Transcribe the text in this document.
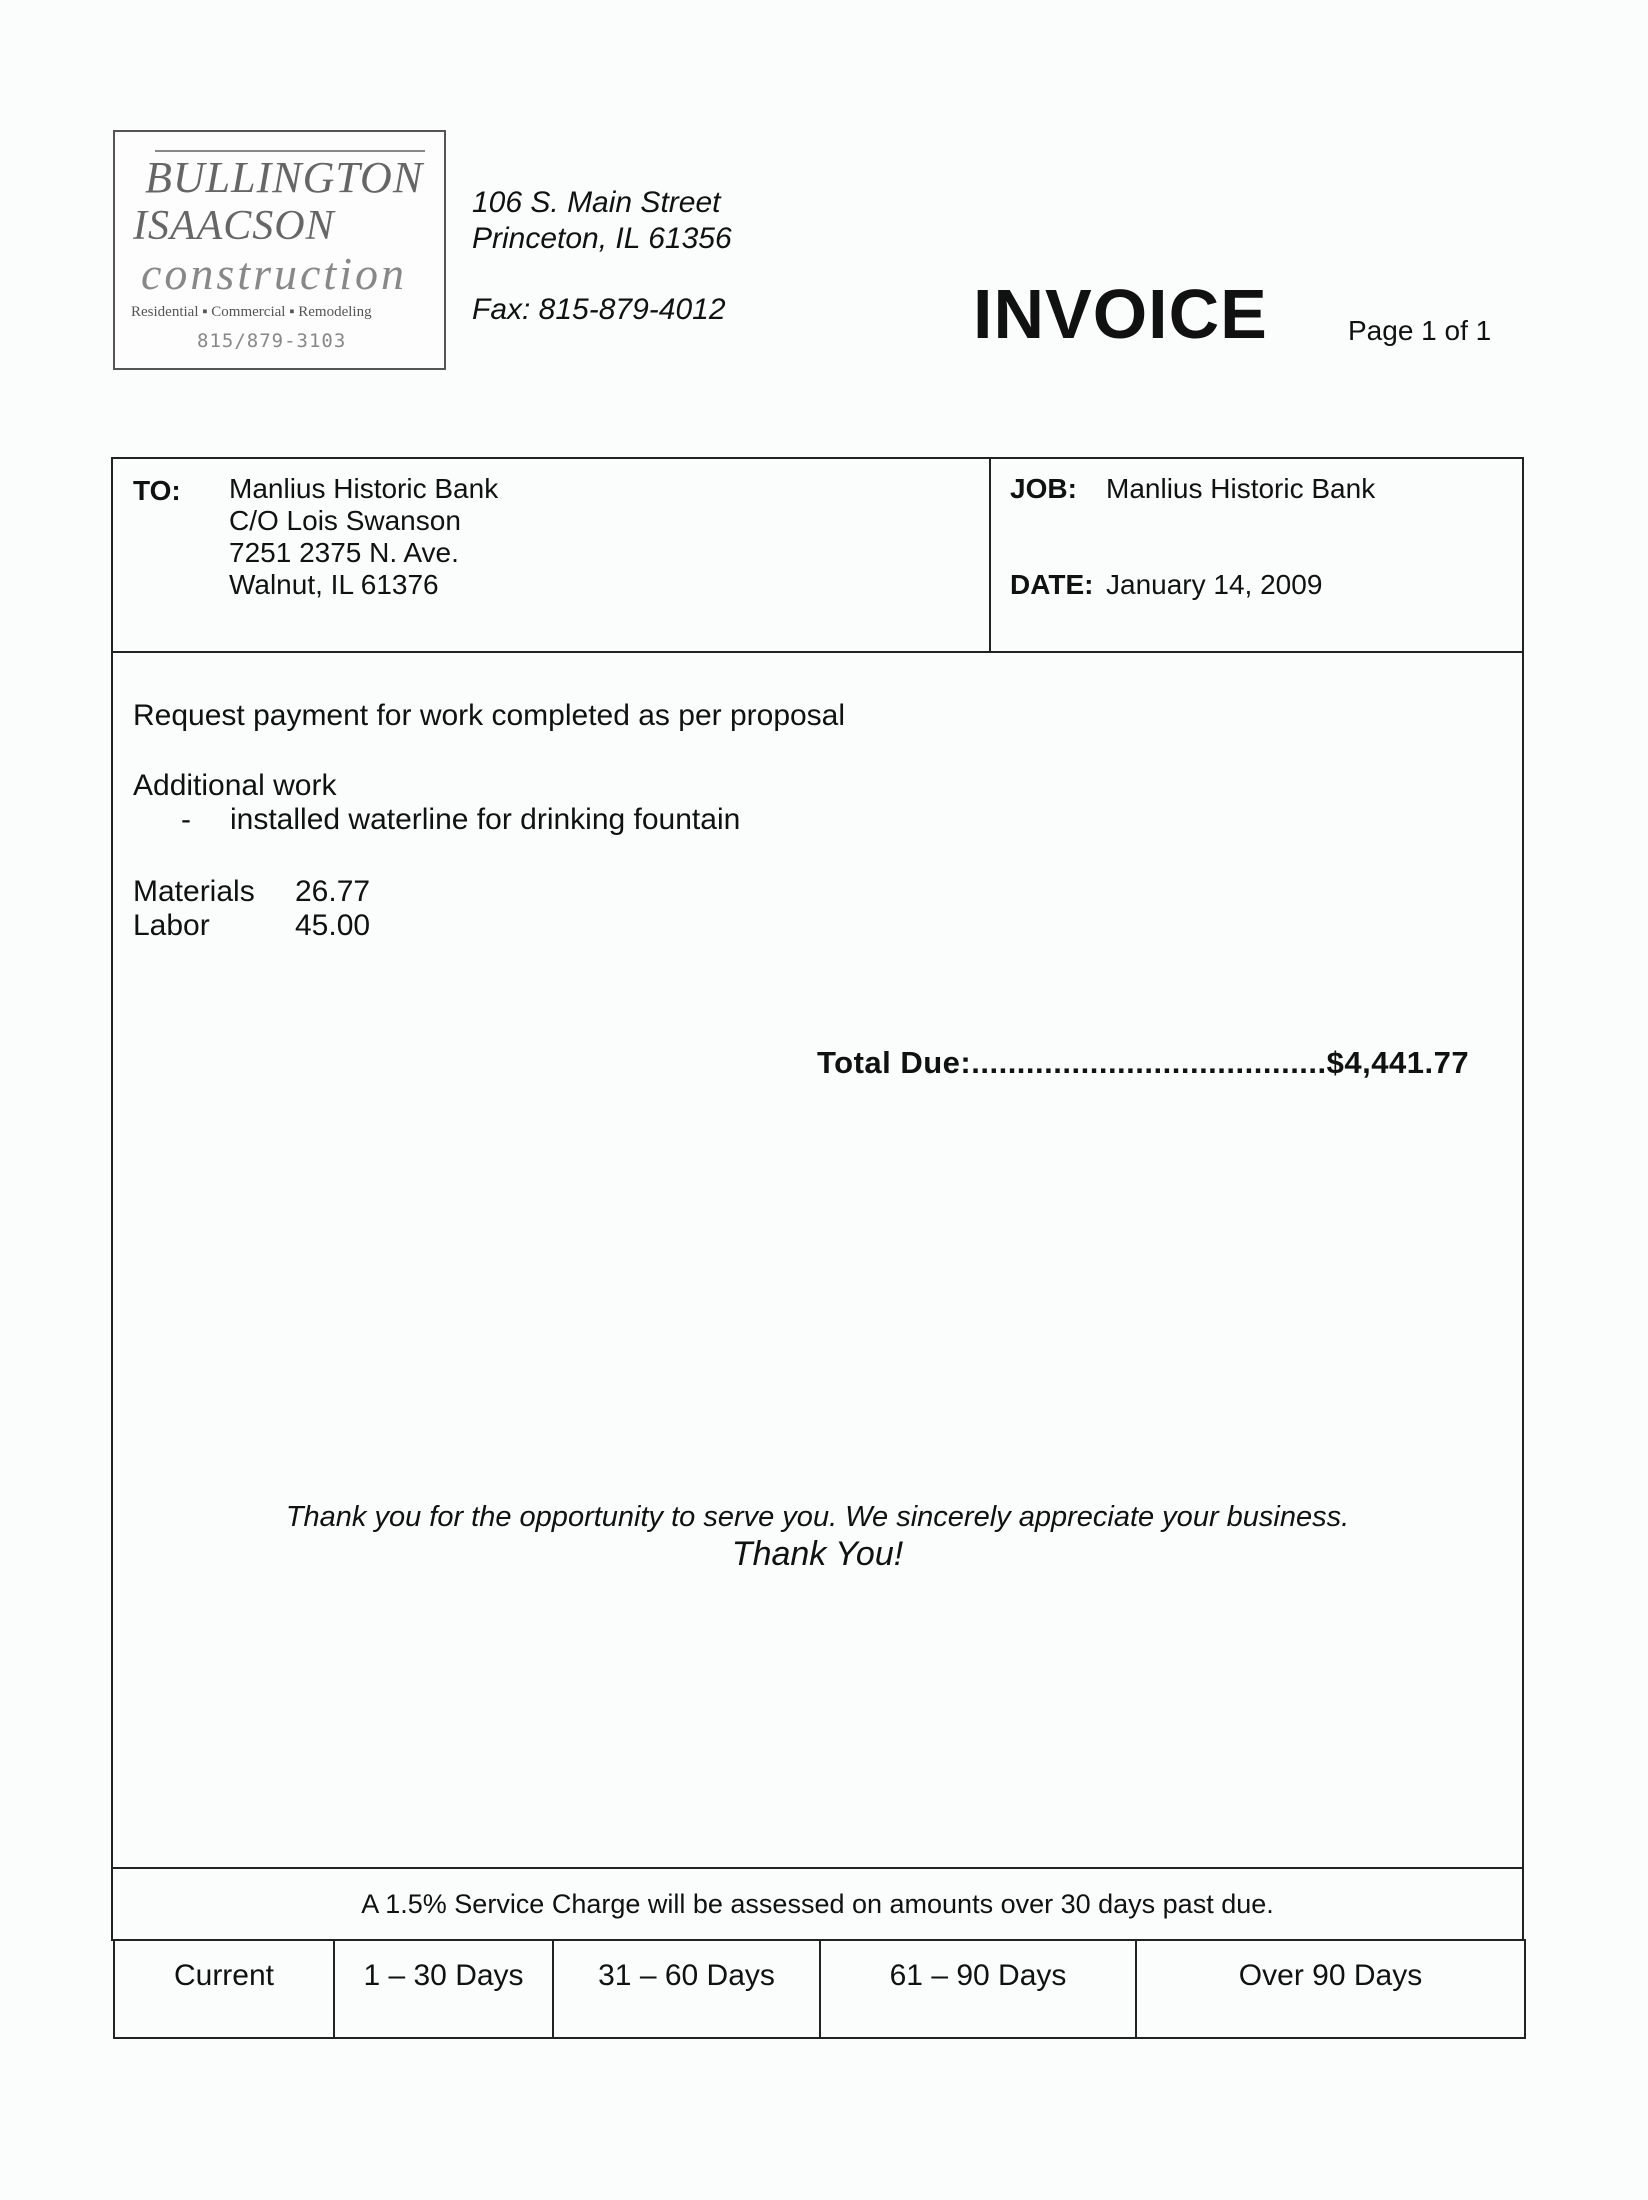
BULLINGTON
ISAACSON
construction
Residential ▪ Commercial ▪ Remodeling
815/879-3103
106 S. Main Street
Princeton, IL 61356
Fax: 815-879-4012	INVOICE	Page 1 of 1
TO: Manlius Historic Bank
C/O Lois Swanson
7251 2375 N. Ave.
Walnut, IL 61376
JOB: Manlius Historic Bank
DATE: January 14, 2009
Request payment for work completed as per proposal
Additional work
- installed waterline for drinking fountain
Materials 26.77
Labor	45.00
Total Due:.......................................$4,441.77
Thank you for the opportunity to serve you. We sincerely appreciate your business.
Thank You!
A 1.5% Service Charge will be assessed on amounts over 30 days past due.
Current	1 – 30 Days	31 – 60 Days	61 – 90 Days	Over 90 Days
